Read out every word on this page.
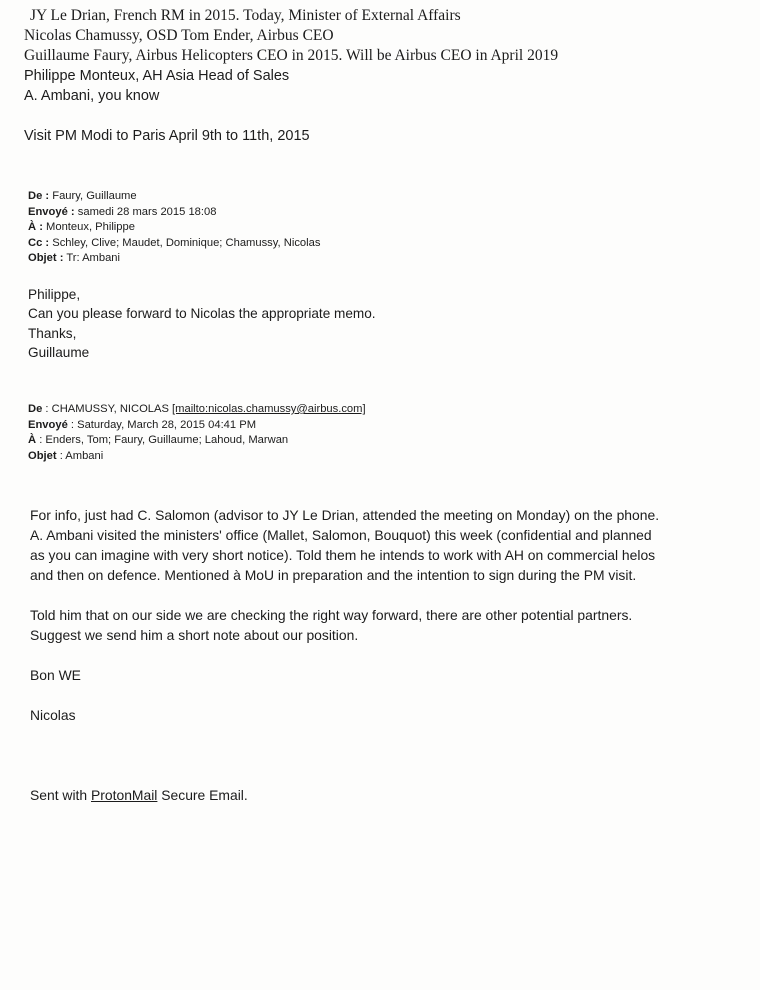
JY Le Drian, French RM in 2015. Today, Minister of External Affairs
Nicolas Chamussy, OSD Tom Ender, Airbus CEO
Guillaume Faury, Airbus Helicopters CEO in 2015. Will be Airbus CEO in April 2019
Philippe Monteux, AH Asia Head of Sales
A. Ambani, you know
Visit PM Modi to Paris April 9th to 11th, 2015
De : Faury, Guillaume
Envoyé : samedi 28 mars 2015 18:08
À : Monteux, Philippe
Cc : Schley, Clive; Maudet, Dominique; Chamussy, Nicolas
Objet : Tr: Ambani
Philippe,
Can you please forward to Nicolas the appropriate memo.
Thanks,
Guillaume
De : CHAMUSSY, NICOLAS [mailto:nicolas.chamussy@airbus.com]
Envoyé : Saturday, March 28, 2015 04:41 PM
À : Enders, Tom; Faury, Guillaume; Lahoud, Marwan
Objet : Ambani

For info, just had C. Salomon (advisor to JY Le Drian, attended the meeting on Monday) on the phone.

A. Ambani visited the ministers' office (Mallet, Salomon, Bouquot) this week (confidential and planned

as you can imagine with very short notice). Told them he intends to work with AH on commercial helos

and then on defence. Mentioned à MoU in preparation and the intention to sign during the PM visit.

Told him that on our side we are checking the right way forward, there are other potential partners.

Suggest we send him a short note about our position.

Bon WE

Nicolas

Sent with ProtonMail Secure Email.
